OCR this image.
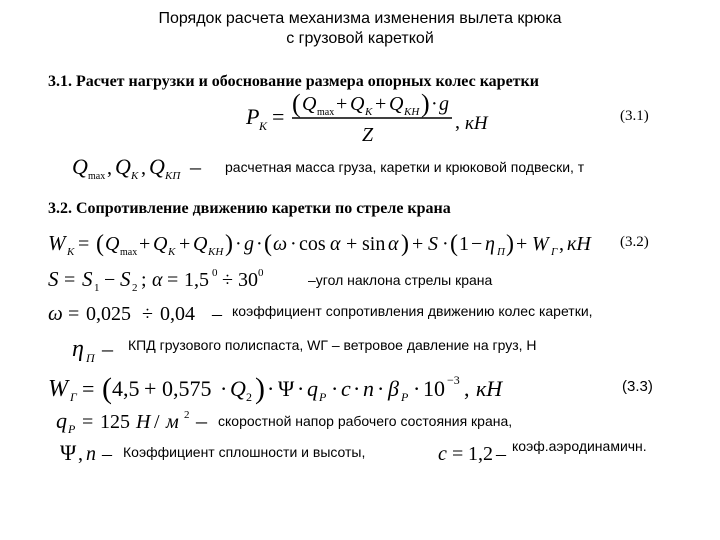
Порядок расчета механизма изменения вылета крюка
с грузовой кареткой
3.1. Расчет нагрузки и обоснование размера опорных колес каретки
P K = ( Q max + Q K + Q KH ) · g
Z
, кН	(3.1)
Q max , Q K , Q KП – расчетная масса груза, каретки и крюковой подвески, т
3.2. Сопротивление движению каретки по стреле крана
W K = ( Q max + Q K + Q KH ) · g · ( ω · cos α + sin α ) + S · ( 1 − η П ) + W Г , кН (3.2)
S = S 1 − S 2 ; α = 1,5 0 ÷ 30 0	–угол наклона стрелы крана
ω = 0,025 ÷ 0,04 – коэффициент сопротивления движению колес каретки,
η П – КПД грузового полиспаста, WГ – ветровое давление на груз, Н
W Г = ( 4,5 + 0,575 · Q 2 ) · Ψ · q P · c · n · β P · 10 −3 , кН	(3.3)
q P = 125 Н / м 2 – скоростной напор рабочего состояния крана,
Ψ , n – Коэффициент сплошности и высоты,	c = 1,2 – коэф.аэродинамичн.
